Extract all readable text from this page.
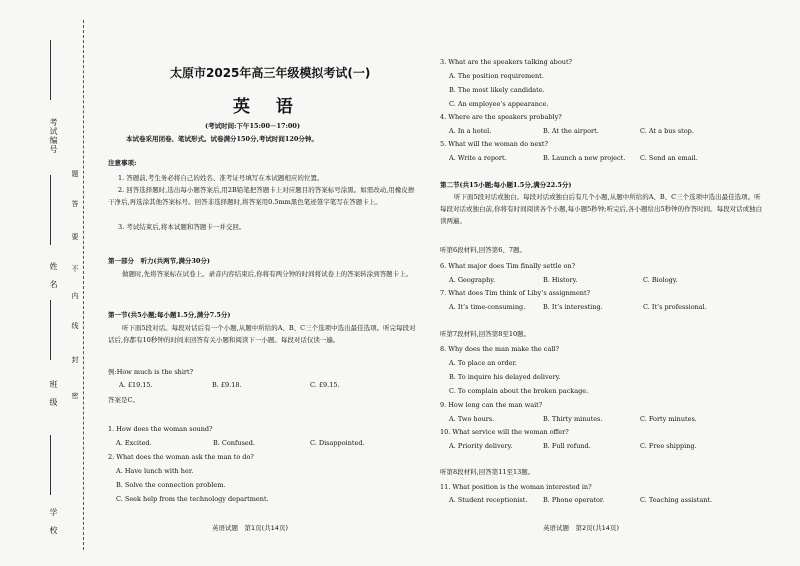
考试编号
姓　名
班　级
学　校
密
封
线
内
不
要
答
题
太原市2025年高三年级模拟考试(一)
英 语
(考试时间:下午15:00－17:00)
本试卷采用闭卷、笔试形式。试卷满分150分,考试时间120分钟。
注意事项:
1. 答题前,考生务必将自己的姓名、准考证号填写在本试题相应的位置。
2. 回答选择题时,选出每小题答案后,用2B铅笔把答题卡上对应题目的答案标号涂黑。如需改动,用橡皮擦干净后,再选涂其他答案标号。回答非选择题时,将答案用0.5mm黑色笔迹签字笔写在答题卡上。
3. 考试结束后,将本试题和答题卡一并交回。
第一部分　听力(共两节,满分30分)
做题时,先将答案标在试卷上。录音内容结束后,你将有两分钟的时间将试卷上的答案转涂到答题卡上。
第一节(共5小题;每小题1.5分,满分7.5分)
听下面5段对话。每段对话后有一个小题,从题中所给的A、B、C三个选项中选出最佳选项。听完每段对话后,你都有10秒钟的时间来回答有关小题和阅读下一小题。每段对话仅读一遍。
例:How much is the shirt?
A. £19.15.	B. £9.18.	C. £9.15.
答案是C。
1. How does the woman sound?
A. Excited.	B. Confused.	C. Disappointed.
2. What does the woman ask the man to do?
A. Have lunch with her.
B. Solve the connection problem.
C. Seek help from the technology department.
英语试题　第1页(共14页)
3. What are the speakers talking about?
A. The position requirement.
B. The most likely candidate.
C. An employee’s appearance.
4. Where are the speakers probably?
A. In a hotel.	B. At the airport.	C. At a bus stop.
5. What will the woman do next?
A. Write a report.	B. Launch a new project. C. Send an email.
第二节(共15小题;每小题1.5分,满分22.5分)
听下面5段对话或独白。每段对话或独白后有几个小题,从题中所给的A、B、C三个选项中选出最佳选项。听每段对话或独白前,你将有时间阅读各个小题,每小题5秒钟;听完后,各小题给出5秒钟的作答时间。每段对话或独白读两遍。
听第6段材料,回答第6、7题。
6. What major does Tim finally settle on?
A. Geography.	B. History.	C. Biology.
7. What does Tim think of Liby’s assignment?
A. It’s time-consuming.	B. It’s interesting.	C. It’s professional.
听第7段材料,回答第8至10题。
8. Why does the man make the call?
A. To place an order.
B. To inquire his delayed delivery.
C. To complain about the broken package.
9. How long can the man wait?
A. Two hours.	B. Thirty minutes.	C. Forty minutes.
10. What service will the woman offer?
A. Priority delivery.	B. Full refund.	C. Free shipping.
听第8段材料,回答第11至13题。
11. What position is the woman interested in?
A. Student receptionist. B. Phone operator.	C. Teaching assistant.
英语试题　第2页(共14页)
